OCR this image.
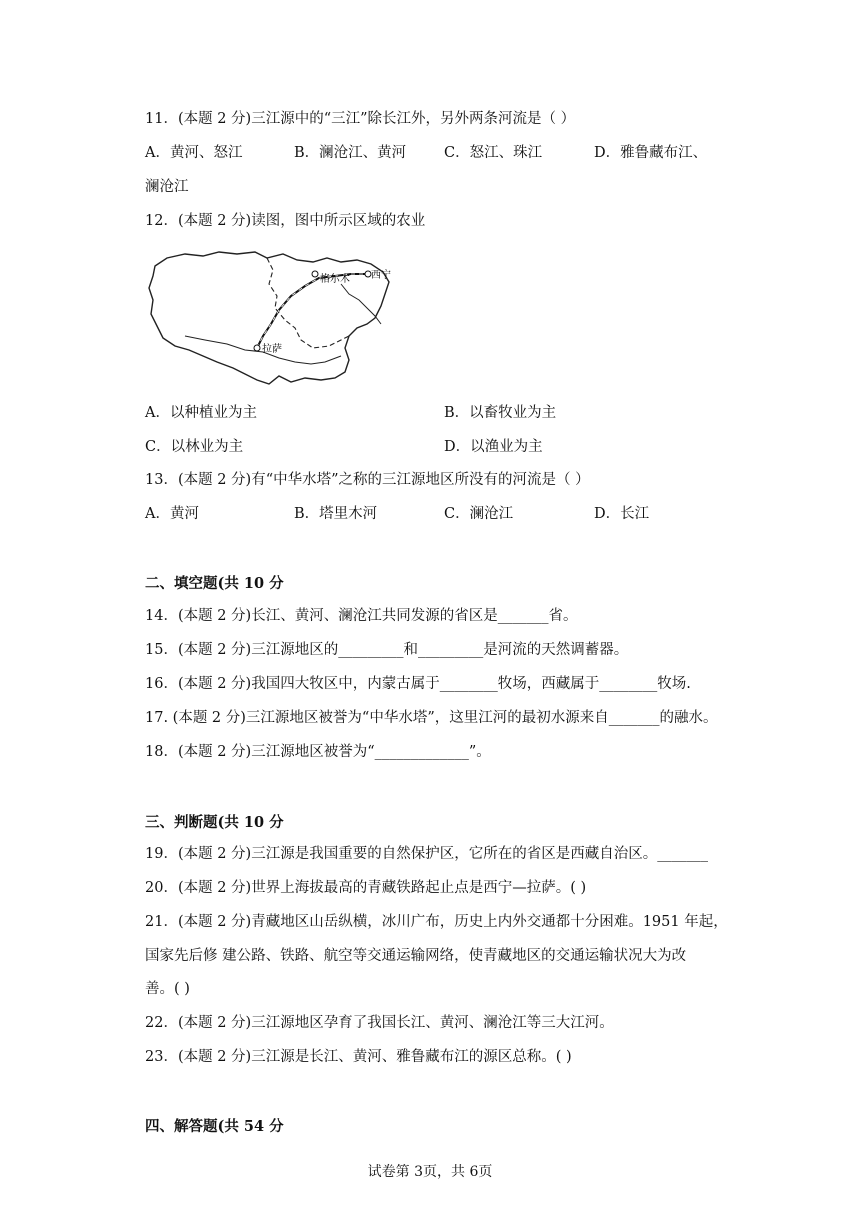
11．(本题 2 分)三江源中的“三江”除长江外，另外两条河流是（ ）
A．黄河、怒江	B．澜沧江、黄河	C．怒江、珠江	D．雅鲁藏布江、
澜沧江
12．(本题 2 分)读图，图中所示区域的农业
格尔木 西宁
拉萨
A．以种植业为主	B．以畜牧业为主
C．以林业为主	D．以渔业为主
13．(本题 2 分)有“中华水塔”之称的三江源地区所没有的河流是（ ）
A．黄河	B．塔里木河	C．澜沧江	D．长江
二、填空题(共 10 分
14．(本题 2 分)长江、黄河、澜沧江共同发源的省区是_______省。
15．(本题 2 分)三江源地区的_________和_________是河流的天然调蓄器。
16．(本题 2 分)我国四大牧区中，内蒙古属于________牧场，西藏属于________牧场.
17. (本题 2 分)三江源地区被誉为“中华水塔”，这里江河的最初水源来自_______的融水。
18．(本题 2 分)三江源地区被誉为“_____________”。
三、判断题(共 10 分
19．(本题 2 分)三江源是我国重要的自然保护区，它所在的省区是西藏自治区。_______
20．(本题 2 分)世界上海拔最高的青藏铁路起止点是西宁—拉萨。( )
21．(本题 2 分)青藏地区山岳纵横，冰川广布，历史上内外交通都十分困难。1951 年起，
国家先后修 建公路、铁路、航空等交通运输网络，使青藏地区的交通运输状况大为改
善。( )
22．(本题 2 分)三江源地区孕育了我国长江、黄河、澜沧江等三大江河。
23．(本题 2 分)三江源是长江、黄河、雅鲁藏布江的源区总称。( )
四、解答题(共 54 分
试卷第 3页，共 6页
